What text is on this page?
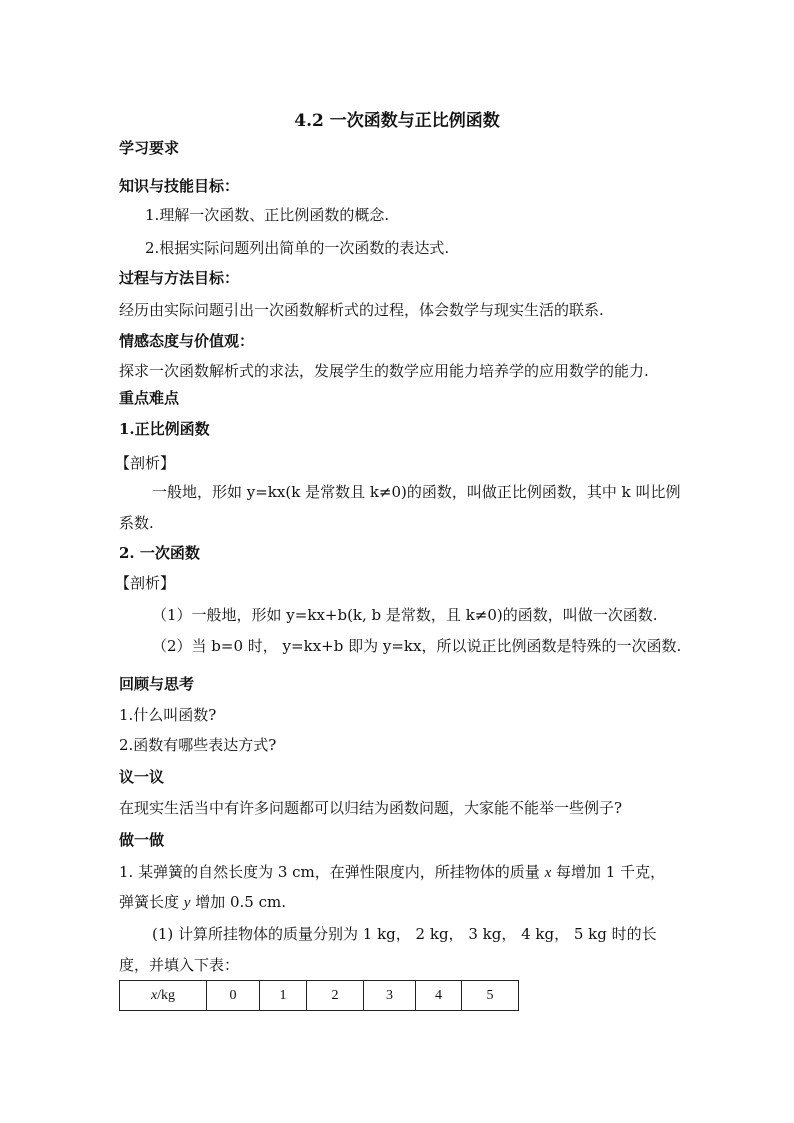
4.2 一次函数与正比例函数
学习要求
知识与技能目标：
1.理解一次函数、正比例函数的概念.
2.根据实际问题列出简单的一次函数的表达式.
过程与方法目标：
经历由实际问题引出一次函数解析式的过程，体会数学与现实生活的联系.
情感态度与价值观：
探求一次函数解析式的求法，发展学生的数学应用能力培养学的应用数学的能力.
重点难点
1.正比例函数
【剖析】
一般地，形如 y=kx(k 是常数且 k≠0)的函数，叫做正比例函数，其中 k 叫比例
系数.
2. 一次函数
【剖析】
（1）一般地，形如 y=kx+b(k, b 是常数，且 k≠0)的函数，叫做一次函数.
（2）当 b=0 时， y=kx+b 即为 y=kx，所以说正比例函数是特殊的一次函数.
回顾与思考
1.什么叫函数?
2.函数有哪些表达方式?
议一议
在现实生活当中有许多问题都可以归结为函数问题，大家能不能举一些例子?
做一做
1. 某弹簧的自然长度为 3 cm，在弹性限度内，所挂物体的质量 x 每增加 1 千克，
弹簧长度 y 增加 0.5 cm.
(1) 计算所挂物体的质量分别为 1 kg， 2 kg， 3 kg， 4 kg， 5 kg 时的长
度，并填入下表：
x/kg	0	1	2	3	4	5
